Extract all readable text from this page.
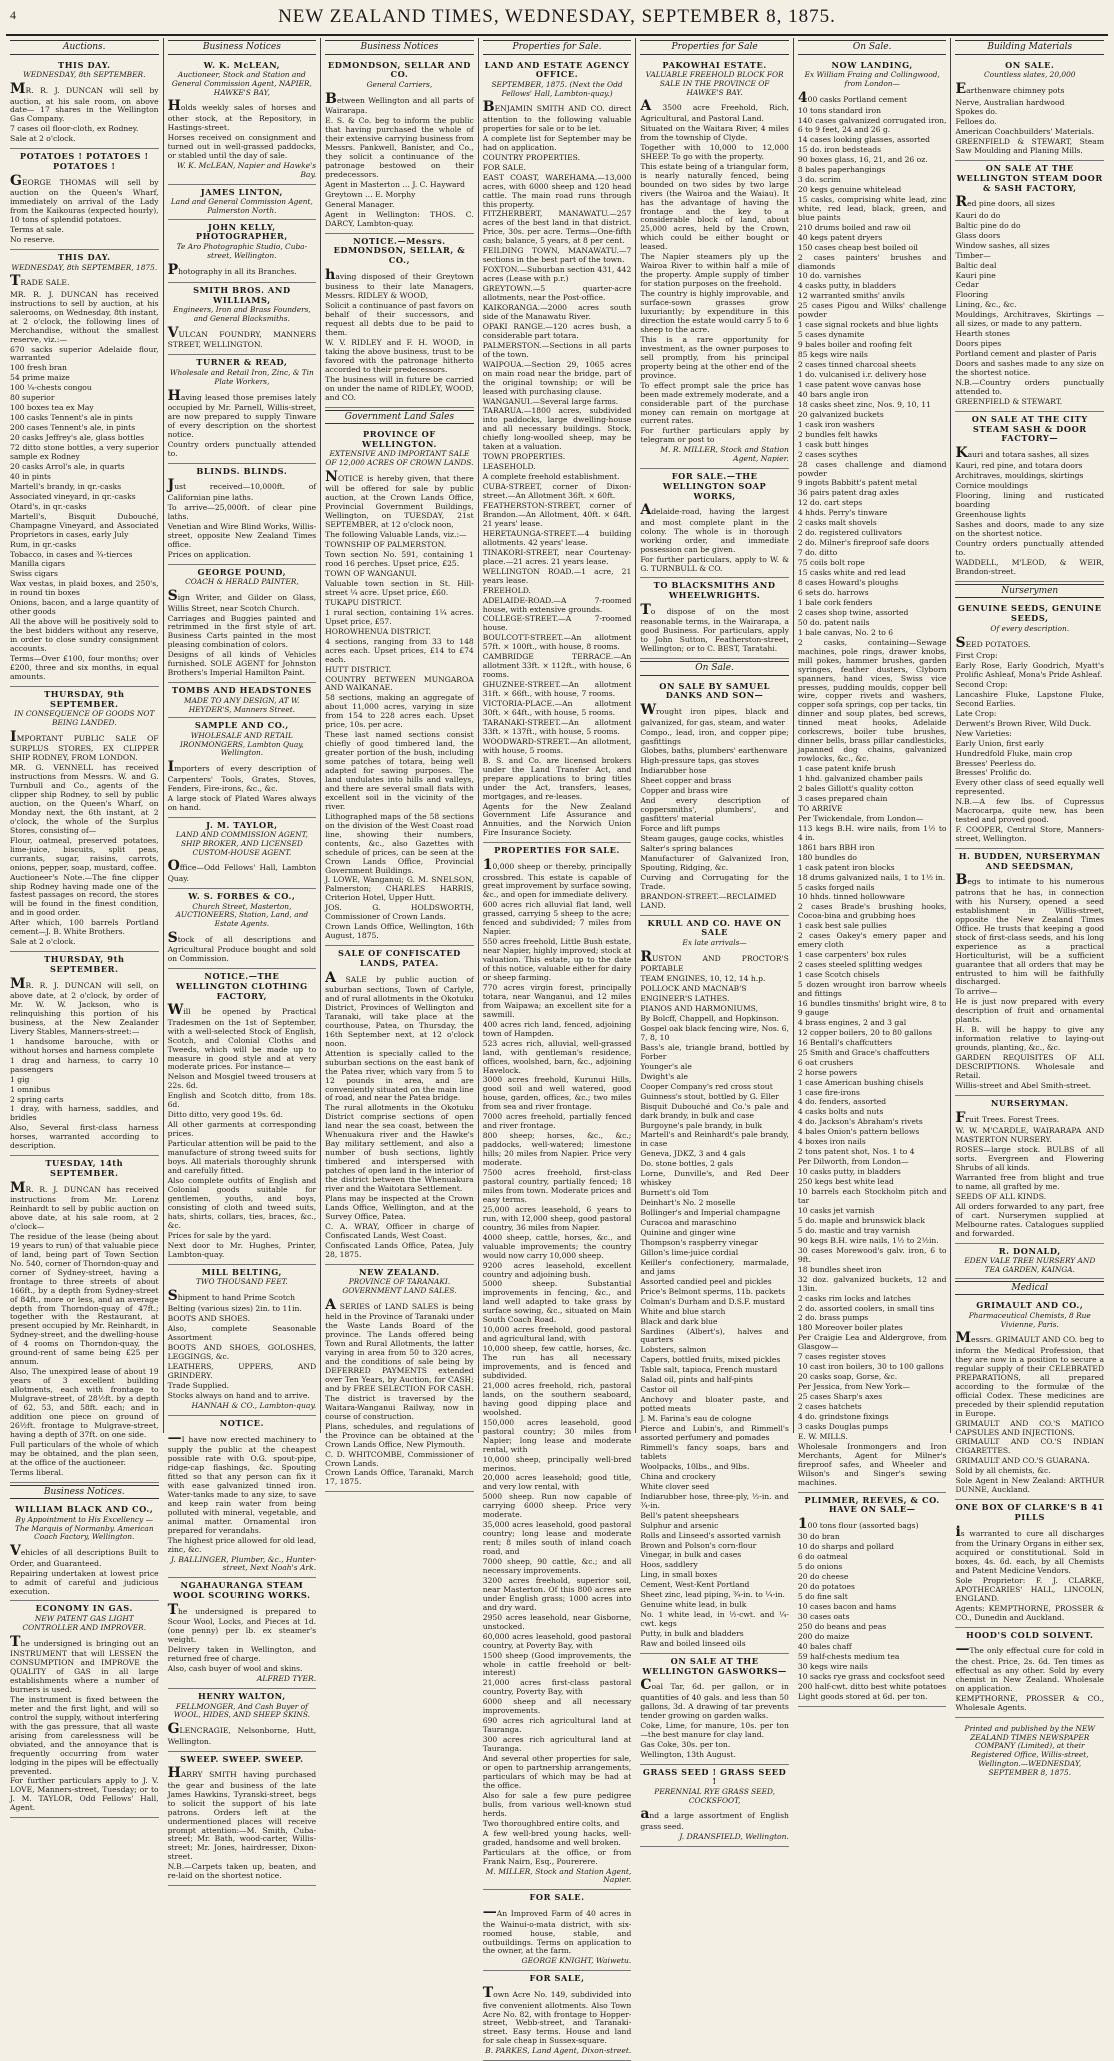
4	NEW ZEALAND TIMES, WEDNESDAY, SEPTEMBER 8, 1875.
Auctions.
THIS DAY.
WEDNESDAY, 8th SEPTEMBER.

MR. R. J. DUNCAN will sell by auction, at his sale room, on above date— 17 shares in the Wellington Gas Company.

7 cases oil floor-cloth, ex Rodney.

Sale at 2 o'clock.

POTATOES ! POTATOES ! POTATOES !

GEORGE THOMAS will sell by auction on the Queen's Wharf, immediately on arrival of the Lady from the Kaikouras (expected hourly), 10 tons of splendid potatoes.

Terms at sale.

No reserve.

THIS DAY.
WEDNESDAY, 8th SEPTEMBER, 1875.

TRADE SALE.

MR. R. J. DUNCAN has received instructions to sell by auction, at his salerooms, on Wednesday, 8th instant, at 2 o'clock, the following lines of Merchandise, without the smallest reserve, viz.:—

670 sacks superior Adelaide flour, warranted

100 fresh bran

54 prime maize

100 ¼-chests congou

80 superior

100 boxes tea ex May

100 casks Tennent's ale in pints

200 cases Tennent's ale, in pints

20 casks Jeffrey's ale, glass bottles

72 ditto stone bottles, a very superior sample ex Rodney

20 casks Arrol's ale, in quarts

40 in pints

Martell's brandy, in qr.-casks

Associated vineyard, in qr.-casks

Otard's, in qr.-casks

Martell's, Bisquit Dubouché, Champagne Vineyard, and Associated Proprietors in cases, early July

Rum, in qr.-casks

Tobacco, in cases and ¾-tierces

Manilla cigars

Swiss cigars

Wax vestas, in plaid boxes, and 250's, in round tin boxes

Onions, bacon, and a large quantity of other goods

All the above will be positively sold to the best bidders without any reserve, in order to close sundry consignment accounts.

Terms—Over £100, four months; over £200, three and six months, in equal amounts.

THURSDAY, 9th SEPTEMBER.
IN CONSEQUENCE OF GOODS NOT BEING LANDED.

IMPORTANT PUBLIC SALE OF SURPLUS STORES, EX CLIPPER SHIP RODNEY, FROM LONDON.

MR. G. VENNELL has received instructions from Messrs. W. and G. Turnbull and Co., agents of the clipper ship Rodney, to sell by public auction, on the Queen's Wharf, on Monday next, the 6th instant, at 2 o'clock, the whole of the Surplus Stores, consisting of—

Flour, oatmeal, preserved potatoes, lime-juice, biscuits, split peas, currants, sugar, raisins, carrots, onions, pepper, soap, mustard, coffee.

Auctioneer's Note.—The fine clipper ship Rodney having made one of the fastest passages on record, the stores will be found in the finest condition, and in good order.

After which, 100 barrels Portland cement—J. B. White Brothers.

Sale at 2 o'clock.

THURSDAY, 9th SEPTEMBER.

MR. R. J. DUNCAN will sell, on above date, at 2 o'clock, by order of Mr. W. W. Jackson, who is relinquishing this portion of his business, at the New Zealander Livery Stables, Manners-street:—

1 handsome barouche, with or without horses and harness complete

1 drag and harness, to carry 10 passengers

1 gig

1 omnibus

2 spring carts

1 dray, with harness, saddles, and bridles

Also, Several first-class harness horses, warranted according to description.

TUESDAY, 14th SEPTEMBER.

MR. R. J. DUNCAN has received instructions from Mr. Lorenz Reinhardt to sell by public auction on above date, at his sale room, at 2 o'clock—

The residue of the lease (being about 19 years to run) of that valuable piece of land, being part of Town Section No. 540, corner of Thorndon-quay and corner of Sydney-street, having a frontage to three streets of about 166ft., by a depth from Sydney-street of 84ft., more or less, and an average depth from Thorndon-quay of 47ft.; together with the Restaurant, at present occupied by Mr. Reinhardt, in Sydney-street, and the dwelling-house of 4 rooms on Thorndon-quay, the ground-rent of same being £25 per annum.

Also, The unexpired lease of about 19 years of 3 excellent building allotments, each with frontage to Mulgrave-street, of 28½ft. by a depth of 62, 53, and 58ft. each; and in addition one piece on ground of 26½ft. frontage to Mulgrave-street, having a depth of 37ft. on one side.

Full particulars of the whole of which may be obtained, and the plan seen, at the office of the auctioneer.

Terms liberal.

Business Notices.
WILLIAM BLACK AND CO.,
By Appointment to His Excellency — The Marquis of Normanby. American Coach Factory, Wellington.

Vehicles of all descriptions Built to Order, and Guaranteed.

Repairing undertaken at lowest price to admit of careful and judicious execution.

ECONOMY IN GAS.
NEW PATENT GAS LIGHT CONTROLLER AND IMPROVER.

The undersigned is bringing out an INSTRUMENT that will LESSEN the CONSUMPTION and IMPROVE the QUALITY of GAS in all large establishments where a number of burners is used.

The instrument is fixed between the meter and the first light, and will so control the supply, without interfering with the gas pressure, that all waste arising from carelessness will be obviated, and the annoyance that is frequently occurring from water lodging in the pipes will be effectually prevented.

For further particulars apply to J. V. LOVE, Manners-street, Tuesday; or to J. M. TAYLOR, Odd Fellows' Hall, Agent.

Business Notices
W. K. McLEAN,
Auctioneer, Stock and Station and General Commission Agent, NAPIER, HAWKE'S BAY,

Holds weekly sales of horses and other stock, at the Repository, in Hastings-street.

Horses received on consignment and turned out in well-grassed paddocks, or stabled until the day of sale.

W. K. McLEAN, Napier and Hawke's Bay.

JAMES LINTON,
Land and General Commission Agent, Palmerston North.
JOHN KELLY, PHOTOGRAPHER,
Te Aro Photographic Studio, Cuba-street, Wellington.

Photography in all its Branches.

SMITH BROS. AND WILLIAMS,
Engineers, Iron and Brass Founders, and General Blacksmiths.

VULCAN FOUNDRY, MANNERS STREET, WELLINGTON.

TURNER & READ,
Wholesale and Retail Iron, Zinc, & Tin Plate Workers,

Having leased those premises lately occupied by Mr. Parnell, Willis-street, are now prepared to supply Tinware of every description on the shortest notice.

Country orders punctually attended to.

BLINDS. BLINDS.

Just received—10,000ft. of Californian pine laths.

To arrive—25,000ft. of clear pine laths.

Venetian and Wire Blind Works, Willis-street, opposite New Zealand Times office.

Prices on application.

GEORGE POUND,
COACH & HERALD PAINTER,

Sign Writer, and Gilder on Glass, Willis Street, near Scotch Church.

Carriages and Buggies painted and retrimmed in the first style of art. Business Carts painted in the most pleasing combination of colors.

Designs of all kinds of Vehicles furnished. SOLE AGENT for Johnston Brothers's Imperial Hamilton Paint.

TOMBS AND HEADSTONES
MADE TO ANY DESIGN, AT W. HEYDER'S, Manners Street.
SAMPLE AND CO.,
WHOLESALE AND RETAIL IRONMONGERS, Lambton Quay, Wellington.

Importers of every description of Carpenters' Tools, Grates, Stoves, Fenders, Fire-irons, &c., &c.

A large stock of Plated Wares always on hand.

J. M. TAYLOR,
LAND AND COMMISSION AGENT, SHIP BROKER, AND LICENSED CUSTOM-HOUSE AGENT.

Office—Odd Fellows' Hall, Lambton Quay.

W. S. FORBES & CO.,
Church Street, Masterton, AUCTIONEERS, Station, Land, and Estate Agents.

Stock of all descriptions and Agricultural Produce bought and sold on Commission.

NOTICE.—THE WELLINGTON CLOTHING FACTORY,

Will be opened by Practical Tradesmen on the 1st of September, with a well-selected Stock of English, Scotch, and Colonial Cloths and Tweeds, which will be made up to measure in good style and at very moderate prices. For instance—

Nelson and Mosgiel tweed trousers at 22s. 6d.

English and Scotch ditto, from 18s. 6d.

Ditto ditto, very good 19s. 6d.

All other garments at corresponding prices.

Particular attention will be paid to the manufacture of strong tweed suits for boys. All materials thoroughly shrunk and carefully fitted.

Also complete outfits of English and Colonial goods suitable for gentlemen, youths, and boys, consisting of cloth and tweed suits, hats, shirts, collars, ties, braces, &c., &c.

Prices for sale by the yard.

Next door to Mr. Hughes, Printer, Lambton-quay.

MILL BELTING,
TWO THOUSAND FEET.

Shipment to hand Prime Scotch

Belting (various sizes) 2in. to 11in.

BOOTS AND SHOES.

Also, complete Seasonable Assortment

BOOTS AND SHOES, GOLOSHES, LEGGINGS, &c.

LEATHERS, UPPERS, AND GRINDERY.

Trade Supplied.

Stocks always on hand and to arrive.

HANNAH & CO., Lambton-quay.

NOTICE.

—I have now erected machinery to supply the public at the cheapest possible rate with O.G. spout-pipe, ridge-cap flashings, &c. Spouting fitted so that any person can fix it with ease galvanized tinned iron. Water-tanks made to any size, to save and keep rain water from being polluted with mineral, vegetable, and animal matter. Ornamental iron prepared for verandahs.

The highest price allowed for old lead, zinc, &c.

J. BALLINGER, Plumber, &c., Hunter-street, Next Noah's Ark.

NGAHAURANGA STEAM WOOL SCOURING WORKS.

The undersigned is prepared to Scour Wool, Locks, and Pieces at 1d. (one penny) per lb. ex steamer's weight.

Delivery taken in Wellington, and returned free of charge.

Also, cash buyer of wool and skins.

ALFRED TYER.

HENRY WALTON,
FELLMONGER, And Cash Buyer of WOOL, HIDES, AND SHEEP SKINS.

GLENCRAGIE, Nelsonborne, Hutt, Wellington.

SWEEP. SWEEP. SWEEP.

HARRY SMITH having purchased the gear and business of the late James Hawkins, Tyranski-street, begs to solicit the support of his late patrons. Orders left at the undermentioned places will receive prompt attention:—M. Smith, Cuba-street; Mr. Bath, wood-carter, Willis-street; Mr. Jones, hairdresser, Dixon-street.

N.B.—Carpets taken up, beaten, and re-laid on the shortest notice.

Business Notices
EDMONDSON, SELLAR AND CO.
General Carriers,

Between Wellington and all parts of Wairarapa.

E. S. & Co. beg to inform the public that having purchased the whole of their extensive carrying business from Messrs. Pankwell, Banister, and Co., they solicit a continuance of the patronage bestowed on their predecessors.

Agent in Masterton … J. C. Hayward

Greytown … E. Morphy

General Manager.

Agent in Wellington: THOS. C. DARCY, Lambton-quay.

NOTICE.—Messrs. EDMONDSON, SELLAR, & CO.,

having disposed of their Greytown business to their late Managers, Messrs. RIDLEY & WOOD,

Solicit a continuance of past favors on behalf of their successors, and request all debts due to be paid to them.

W. V. RIDLEY and F. H. WOOD, in taking the above business, trust to be favored with the patronage hitherto accorded to their predecessors.

The business will in future be carried on under the name of RIDLEY, WOOD, and CO.

Government Land Sales
PROVINCE OF WELLINGTON.
EXTENSIVE AND IMPORTANT SALE OF 12,000 ACRES OF CROWN LANDS.

NOTICE is hereby given, that there will be offered for sale by public auction, at the Crown Lands Office, Provincial Government Buildings, Wellington, on TUESDAY, 21st SEPTEMBER, at 12 o'clock noon,

The following Valuable Lands, viz.:—

TOWNSHIP OF PALMERSTON.

Town section No. 591, containing 1 rood 16 perches. Upset price, £25.

TOWN OF WANGANUI.

Valuable town section in St. Hill-street ¼ acre. Upset price, £60.

TUKAPU DISTRICT.

1 rural section, containing 1¼ acres. Upset price, £57.

HOROWHENUA DISTRICT.

4 sections, ranging from 33 to 148 acres each. Upset prices, £14 to £74 each.

HUTT DISTRICT.

COUNTRY BETWEEN MUNGAROA AND WAIKANAE.

58 sections, making an aggregate of about 11,000 acres, varying in size from 154 to 228 acres each. Upset price, 10s. per acre.

These last named sections consist chiefly of good timbered land, the greater portion of the bush, including some patches of totara, being well adapted for sawing purposes. The land undulates into hills and valleys, and there are several small flats with excellent soil in the vicinity of the river.

Lithographed maps of the 58 sections on the division of the West Coast road line, showing their numbers, contents, &c., also Gazettes with schedule of prices, can be seen at the Crown Lands Office, Provincial Government Buildings.

J. LOWE, Wanganui; G. M. SNELSON, Palmerston; CHARLES HARRIS, Criterion Hotel, Upper Hutt.

JOS. G. HOLDSWORTH, Commissioner of Crown Lands.

Crown Lands Office, Wellington, 16th August, 1875.

SALE OF CONFISCATED LANDS, PATEA.

A SALE by public auction of suburban sections, Town of Carlyle, and of rural allotments in the Okotuku District, Provinces of Wellington and Taranaki, will take place at the courthouse, Patea, on Thursday, the 16th September next, at 12 o'clock noon.

Attention is specially called to the suburban sections on the east bank of the Patea river, which vary from 5 to 12 pounds in area, and are conveniently situated on the main line of road, and near the Patea bridge.

The rural allotments in the Okotuku District comprise sections of open land near the sea coast, between the Whenuakura river and the Hawke's Bay military settlement, and also a number of bush sections, lightly timbered and interspersed with patches of open land in the interior of the district between the Whenuakura river and the Waitotara Settlement.

Plans may be inspected at the Crown Lands Office, Wellington, and at the Survey Office, Patea.

C. A. WRAY, Officer in charge of Confiscated Lands, West Coast.

Confiscated Lands Office, Patea, July 28, 1875.

NEW ZEALAND.
PROVINCE OF TARANAKI. GOVERNMENT LAND SALES.

A SERIES of LAND SALES is being held in the Province of Taranaki under the Waste Lands Board of the province. The Lands offered being Town and Rural Allotments, the latter varying in area from 50 to 320 acres, and the conditions of sale being by DEFERRED PAYMENTS extended over Ten Years, by Auction, for CASH; and by FREE SELECTION FOR CASH.

The district is traversed by the Waitara-Wanganui Railway, now in course of construction.

Plans, schedules, and regulations of the Province can be obtained at the Crown Lands Office, New Plymouth.

C. D. WHITCOMBE, Commissioner of Crown Lands.

Crown Lands Office, Taranaki, March 17, 1875.

Properties for Sale.
LAND AND ESTATE AGENCY OFFICE.
SEPTEMBER, 1875. (Next the Odd Fellows' Hall, Lambton-quay.)

BENJAMIN SMITH AND CO. direct attention to the following valuable properties for sale or to be let.

A complete list for September may be had on application.

COUNTRY PROPERTIES.

FOR SALE.

EAST COAST, WAREHAMA.—13,000 acres, with 6000 sheep and 120 head cattle. The main road runs through this property.

FITZHERBERT, MANAWATU.—257 acres of the best land in that district. Price, 30s. per acre. Terms—One-fifth cash; balance, 5 years, at 8 per cent.

FEILDING TOWN, MANAWATU.—7 sections in the best part of the town.

FOXTON.—Suburban section 431, 442 acres (Lease with p.r.)

GREYTOWN.—5 quarter-acre allotments, near the Post-office.

KAIKORANGA.—2000 acres south side of the Manawatu River.

OPAKI RANGE.—120 acres bush, a considerable part totara.

PALMERSTON.—Sections in all parts of the town.

WAIPOUA.—Section 29, 1065 acres on main road near the bridge, part of the original township; or will be leased with purchasing clause.

WANGANUI.—Several large farms.

TARARUA.—1800 acres, subdivided into paddocks, large dwelling-house and all necessary buildings. Stock, chiefly long-woolled sheep, may be taken at a valuation.

TOWN PROPERTIES.

LEASEHOLD.

A complete freehold establishment.

CUBA-STREET, corner of Dixon-street.—An Allotment 36ft. × 60ft.

FEATHERSTON-STREET, corner of Brandon.—An Allotment, 40ft. × 64ft. 21 years' lease.

HERETAUNGA-STREET.—4 building allotments. 42 years' lease.

TINAKORI-STREET, near Courtenay-place.—21 acres. 21 years lease.

WELLINGTON ROAD.—1 acre, 21 years lease.

FREEHOLD.

ADELAIDE-ROAD.—A 7-roomed house, with extensive grounds.

COLLEGE-STREET.—A 7-roomed house.

BOULCOTT-STREET.—An allotment 57ft. × 100ft., with house, 8 rooms.

CAMBRIDGE TERRACE.—An allotment 33ft. × 112ft., with house, 6 rooms.

GHUZNEE-STREET.—An allotment 31ft. × 66ft., with house, 7 rooms.

VICTORIA-PLACE.—An allotment 30ft. × 64ft., with house, 5 rooms.

TARANAKI-STREET.—An allotment 33ft. × 137ft., with house, 5 rooms.

WOODWARD-STREET.—An allotment, with house, 5 rooms.

B. S. and Co. are licensed brokers under the Land Transfer Act, and prepare applications to bring titles under the Act, transfers, leases, mortgages, and re-leases.

Agents for the New Zealand Government Life Assurance and Annuities, and the Norwich Union Fire Insurance Society.

PROPERTIES FOR SALE.

10,000 sheep or thereby, principally crossbred. This estate is capable of great improvement by surface sowing, &c., and open for immediate delivery.

600 acres rich alluvial flat land, well grassed, carrying 5 sheep to the acre; fenced and subdivided; 7 miles from Napier.

550 acres freehold, Little Bush estate, near Napier, highly improved; stock at valuation. This estate, up to the date of this notice, valuable either for dairy or sheep farming.

770 acres virgin forest, principally totara, near Wanganui, and 12 miles from Waipawa; an excellent site for a sawmill.

400 acres rich land, fenced, adjoining town of Hampden.

523 acres rich, alluvial, well-grassed land, with gentleman's residence, offices, woolshed, barn, &c., adjoining Havelock.

3000 acres freehold, Kurunui Hills, good soil and well watered, good house, garden, offices, &c.; two miles from sea and river frontage.

7000 acres freehold, partially fenced and river frontage.

800 sheep; horses, &c., &c.; paddocks, well-watered; limestone hills; 20 miles from Napier. Price very moderate.

7500 acres freehold, first-class pastoral country, partially fenced; 18 miles from town. Moderate prices and easy terms.

25,000 acres leasehold, 6 years to run, with 12,000 sheep, good pastoral country, 36 miles from Napier.

4000 sheep, cattle, horses, &c., and valuable improvements; the country would now carry 10,000 sheep.

9200 acres leasehold, excellent country and adjoining bush.

5000 sheep. Substantial improvements in fencing, &c., and land well adapted to take grass by surface sowing, &c., situated on Main South Coach Road.

10,000 acres freehold, good pastoral and agricultural land, with

10,000 sheep, few cattle, horses, &c. The run has all necessary improvements, and is fenced and subdivided.

21,000 acres freehold, rich, pastoral lands, on the southern seaboard, having good dipping place and woolshed.

150,000 acres leasehold, good pastoral country; 30 miles from Napier; long lease and moderate rental, with

10,000 sheep, principally well-bred merinos.

20,000 acres leasehold; good title, and very low rental, with

5000 sheep. Run now capable of carrying 6000 sheep. Price very moderate.

35,000 acres leasehold, good pastoral country; long lease and moderate rent; 8 miles south of inland coach road, and

7000 sheep, 90 cattle, &c.; and all necessary improvements.

3200 acres freehold, superior soil, near Masterton. Of this 800 acres are under English grass; 1000 acres into and dry ward.

2950 acres leasehold, near Gisborne, unstocked.

60,000 acres leasehold, good pastoral country, at Poverty Bay, with

1500 sheep (Good improvements, the whole in cattle freehold or belt-interest)

21,000 acres first-class pastoral country, Poverty Bay, with

6000 sheep and all necessary improvements.

690 acres rich agricultural land at Tauranga.

300 acres rich agricultural land at Tauranga.

And several other properties for sale, or open to partnership arrangements, particulars of which may be had at the office.

Also for sale a few pure pedigree bulls, from various well-known stud herds.

Two thoroughbred entire colts, and

A few well-bred young hacks, well-graded, handsome and well broken.

Particulars at the office, or from Frank Nairn, Esq., Pourerere.

M. MILLER, Stock and Station Agent, Napier.

FOR SALE.

—An Improved Farm of 40 acres in the Wainui-o-mata district, with six-roomed house, stable, and outbuildings. Terms on application to the owner, at the farm.

GEORGE KNIGHT, Waiwetu.

FOR SALE,

Town Acre No. 149, subdivided into five convenient allotments. Also Town Acre No. 82, with frontage to Hopper-street, Webb-street, and Taranaki-street. Easy terms. House and land for sale cheap in Sussex-square.

B. PARKES, Land Agent, Dixon-street.

Properties for Sale
PAKOWHAI ESTATE.
VALUABLE FREEHOLD BLOCK FOR SALE IN THE PROVINCE OF HAWKE'S BAY.

A 3500 acre Freehold, Rich, Agricultural, and Pastoral Land.

Situated on the Waitara River, 4 miles from the township of Clyde.

Together with 10,000 to 12,000 SHEEP. To go with the property.

This estate being of a triangular form, is nearly naturally fenced, being bounded on two sides by two large rivers (the Wairoa and the Waiau). It has the advantage of having the frontage and the key to a considerable block of land, about 25,000 acres, held by the Crown, which could be either bought or leased.

The Napier steamers ply up the Wairoa River to within half a mile of the property. Ample supply of timber for station purposes on the freehold.

The country is highly improvable, and surface-sown grasses grow luxuriantly; by expenditure in this direction the estate would carry 5 to 6 sheep to the acre.

This is a rare opportunity for investment, as the owner purposes to sell promptly, from his principal property being at the other end of the province.

To effect prompt sale the price has been made extremely moderate, and a considerable part of the purchase money can remain on mortgage at current rates.

For further particulars apply by telegram or post to

M. R. MILLER, Stock and Station Agent, Napier.

FOR SALE.—THE WELLINGTON SOAP WORKS,

Adelaide-road, having the largest and most complete plant in the colony. The whole is in thorough working order, and immediate possession can be given.

For further particulars, apply to W. & G. TURNBULL & CO.

TO BLACKSMITHS AND WHEELWRIGHTS.

To dispose of on the most reasonable terms, in the Wairarapa, a good Business. For particulars, apply to John Sutton, Featherston-street, Wellington; or to C. BEST, Taratahi.

On Sale.
ON SALE BY SAMUEL DANKS AND SON—

Wrought iron pipes, black and galvanized, for gas, steam, and water

Compo., lead, iron, and copper pipe; gasfittings

Globes, baths, plumbers' earthenware

High-pressure taps, gas stoves

Indiarubber hose

Sheet copper and brass

Copper and brass wire

And every description of coppersmiths', plumbers', and gasfitters' material

Force and lift pumps

Steam gauges, gauge cocks, whistles

Salter's spring balances

Manufacturer of Galvanized Iron, Spouting, Ridging, &c.

Curving and Corrugating for the Trade.

BRANDON-STREET.—RECLAIMED LAND.

KRULL AND CO. HAVE ON SALE
Ex late arrivals—

RUSTON AND PROCTOR'S PORTABLE

TEAM ENGINES, 10, 12, 14 h.p.

POLLOCK AND MACNAB'S

ENGINEER'S LATHES.

PIANOS AND HARMONIUMS,

By Bolcff, Chappell, and Hopkinson.

Gospel oak black fencing wire, Nos. 6, 7, 8, 10

Bass's ale, triangle brand, bottled by Forber

Younger's ale

Dwight's ale

Cooper Company's red cross stout

Guinness's stout, bottled by G. Eller

Bisquit Dubouché and Co.'s pale and dark brandy, in bulk and case

Burgoyne's pale brandy, in bulk

Martell's and Reinhardt's pale brandy, in case

Geneva, JDKZ, 3 and 4 gals

Do. stone bottles, 2 gals

Lorne, Dunville's, and Red Deer whiskey

Burnett's old Tom

Deinhart's No. 2 moselle

Bollinger's and Imperial champagne

Curacoa and maraschino

Quinine and ginger wine

Thompson's raspberry vinegar

Gillon's lime-juice cordial

Keiller's confectionery, marmalade, and jams

Assorted candied peel and pickles

Price's Belmont sperms, 11b. packets

Colman's Durham and D.S.F. mustard

White and blue starch

Black and dark blue

Sardines (Albert's), halves and quarters

Lobsters, salmon

Capers, bottled fruits, mixed pickles

Table salt, tapioca, French mustard

Salad oil, pints and half-pints

Castor oil

Anchovy and bloater paste, and potted meats

J. M. Farina's eau de cologne

Pierce and Lubin's, and Rimmell's assorted perfumery and pomades

Rimmell's fancy soaps, bars and tablets

Woolpacks, 10lbs., and 9lbs.

China and crockery

White clover seed

Indiarubber hose, three-ply, ½-in. and ¾-in.

Bell's patent sheepshears

Sulphur and arsenic

Rolls and Linseed's assorted varnish

Brown and Polson's corn-flour

Vinegar, in bulk and cases

Hoos, saddlery

Ling, in small boxes

Cement, West-Kent Portland

Sheet zinc, lead piping, ¾-in. to ¼-in.

Genuine white lead, in bulk

No. 1 white lead, in ½-cwt. and ¼-cwt. kegs

Putty, in bulk and bladders

Raw and boiled linseed oils

ON SALE AT THE WELLINGTON GASWORKS—

Coal Tar, 6d. per gallon, or in quantities of 40 gals. and less than 50 gallons, 3d. A drawing of tar prevents tender growing on garden walks.

Coke, Lime, for manure, 10s. per ton—the best manure for clay land.

Gas Coke, 30s. per ton.

Wellington, 13th August.

GRASS SEED ! GRASS SEED !
PERENNIAL RYE GRASS SEED, COCKSFOOT,

and a large assortment of English grass seed.

J. DRANSFIELD, Wellington.

On Sale.
NOW LANDING,
Ex William Fraing and Collingwood, from London—

400 casks Portland cement

10 tons standard iron

140 cases galvanized corrugated iron, 6 to 9 feet, 24 and 26 g.

14 cases looking glasses, assorted

15 do. iron bedsteads

90 boxes glass, 16, 21, and 26 oz.

8 bales paperhangings

3 do. scrim

20 kegs genuine whitelead

15 casks, comprising white lead, zinc white, red lead, black, green, and blue paints

210 drums boiled and raw oil

40 kegs patent dryers

150 cases cheap best boiled oil

2 cases painters' brushes and diamonds

10 do. varnishes

4 casks putty, in bladders

12 warranted smiths' anvils

25 cases Pigou and Wilks' challenge powder

1 case signal rockets and blue lights

5 cases dynamite

9 bales boiler and roofing felt

85 kegs wire nails

2 cases tinned charcoal sheets

1 do. vulcanised i.r. delivery hose

1 case patent wove canvas hose

40 bars angle iron

18 casks sheet zinc, Nos. 9, 10, 11

20 galvanized buckets

1 cask iron washers

2 bundles felt hawks

1 cask butt hinges

2 cases scythes

28 cases challenge and diamond powder

9 ingots Babbitt's patent metal

36 pairs patent drag axles

12 do. cart steps

4 hhds. Perry's tinware

2 casks malt shovels

2 do. registered cullivators

2 do. Milner's fireproof safe doors

7 do. ditto

75 coils bolt rope

15 casks white and red lead

8 cases Howard's ploughs

6 sets do. harrows

1 bale cork fenders

2 cases shop twine, assorted

50 do. patent nails

1 bale canvas, No. 2 to 6

2 casks, containing—Sewage machines, pole rings, drawer knobs, mill pokes, hammer brushes, garden syringes, feather dusters, Clyborn spanners, hand vices, Swiss vice presses, pudding moulds, copper bell wire, copper rivets and washers, copper sofa springs, cop per tacks, tin dinner and soup plates, bed screws, tinned meat hooks, Adelaide corkscrews, boiler tube brushes, dinner bells, brass pillar candlesticks, japanned dog chains, galvanized rowlocks, &c., &c.

1 case patent knife brush

1 hhd. galvanized chamber pails

2 bales Gillott's quality cotton

3 cases prepared chain

TO ARRIVE

Per Twickendale, from London—

113 kegs B.H. wire nails, from 1½ to 4 in.

1861 bars BBH iron

180 bundles do

1 cask patent iron blocks

18 drums galvanized nails, 1 to 1½ in.

5 casks forged nails

10 hhds. tinned hollowware

2 cases Brade's brushing hooks, Cocoa-bina and grubbing hoes

1 cask best sale pullies

2 cases Oakey's emery paper and emery cloth

1 case carpenters' box rules

2 cases steeled splitting wedges

1 case Scotch chisels

5 dozen wrought iron barrow wheels and fittings

16 bundles tinsmiths' bright wire, 8 to 9 gauge

4 brass engines, 2 and 3 gal

12 copper boilers, 20 to 80 gallons

16 Bentall's chaffcutters

25 Smith and Grace's chaffcutters

6 oat crushers

2 horse powers

1 case American bushing chisels

1 case fire-irons

4 do. fenders, assorted

4 casks bolts and nuts

4 do. Jackson's Abraham's rivets

4 bales Onion's pattern bellows

4 boxes iron nails

2 tons patent shot, Nos. 1 to 4

Per Dilworth, from London—

10 casks putty, in bladders

250 kegs best white lead

10 barrels each Stockholm pitch and tar

10 casks jet varnish

5 do. maple and brunswick black

5 do. mastic and tray varnish

90 kegs B.H. wire nails, 1½ to 2½in.

30 cases Morewood's galv. iron, 6 to 9ft.

18 bundles sheet iron

32 doz. galvanized buckets, 12 and 13in.

2 casks rim locks and latches

2 do. assorted coolers, in small tins

2 do. brass pumps

180 Moreover boiler plates

Per Craigie Lea and Aldergrove, from Glasgow—

7 cases register stoves

10 cast iron boilers, 30 to 100 gallons

20 casks soap, Gorse, &c.

Per Jessica, from New York—

25 cases Sharp's axes

2 cases hatchets

4 do. grindstone fixings

3 casks Douglas pumps

E. W. MILLS.

Wholesale Ironmongers and Iron Merchants, Agent for Milner's fireproof safes, and Wheeler and Wilson's and Singer's sewing machines.

PLIMMER, REEVES, & CO. HAVE ON SALE—

100 tons flour (assorted bags)

30 do bran

10 do sharps and pollard

6 do oatmeal

5 do onions

20 do cheese

20 do potatoes

5 do fine salt

10 cases bacon and hams

30 cases oats

250 do beans and peas

200 do maize

40 bales chaff

59 half-chests medium tea

30 kegs wire nails

10 sacks rye grass and cocksfoot seed

200 half-cwt. ditto best white potatoes

Light goods stored at 6d. per ton.

Building Materials
ON SALE.
Countless slates, 20,000

Earthenware chimney pots

Nerve, Australian hardwood

Spokes do.

Felloes do.

American Coachbuilders' Materials.

GREENFIELD & STEWART, Steam Saw Moulding and Planing Mills.

ON SALE AT THE WELLINGTON STEAM DOOR & SASH FACTORY,

Red pine doors, all sizes

Kauri do do

Baltic pine do do

Glass doors

Window sashes, all sizes

Timber—

Baltic deal

Kauri pine

Cedar

Flooring

Lining, &c., &c.

Mouldings, Architraves, Skirtings — all sizes, or made to any pattern.

Hearth stones

Doors pipes

Portland cement and plaster of Paris

Doors and sashes made to any size on the shortest notice.

N.B.—Country orders punctually attended to.

GREENFIELD & STEWART.

ON SALE AT THE CITY STEAM SASH & DOOR FACTORY—

Kauri and totara sashes, all sizes

Kauri, red pine, and totara doors

Architraves, mouldings, skirtings

Cornice mouldings

Flooring, lining and rusticated boarding

Greenhouse lights

Sashes and doors, made to any size on the shortest notice.

Country orders punctually attended to.

WADDELL, M'LEOD, & WEIR, Brandon-street.

Nurserymen
GENUINE SEEDS, GENUINE SEEDS,
Of every description.

SEED POTATOES.

First Crop:

Early Rose, Early Goodrich, Myatt's Prolific Ashleaf, Mona's Pride Ashleaf.

Second Crop:

Lancashire Fluke, Lapstone Fluke, Second Earlies.

Late Crop:

Derwent's Brown River, Wild Duck.

New Varieties:

Early Union, first early

Hundredfold Fluke, main crop

Bresses' Peerless do.

Bresses' Prolific do.

Every other class of seed equally well represented.

N.B.—A few lbs. of Cupressus Macrocarpa, quite new, has been tested and proved good.

F. COOPER, Central Store, Manners-street, Wellington.

H. BUDDEN, NURSERYMAN AND SEEDSMAN,

Begs to intimate to his numerous patrons that he has, in connection with his Nursery, opened a seed establishment in Willis-street, opposite the New Zealand Times Office. He trusts that keeping a good stock of first-class seeds, and his long experience as a practical Horticulturist, will be a sufficient guarantee that all orders that may be entrusted to him will be faithfully discharged.

To arrive—

He is just now prepared with every description of fruit and ornamental plants.

H. B. will be happy to give any information relative to laying-out grounds, planting, &c., &c.

GARDEN REQUISITES OF ALL DESCRIPTIONS. Wholesale and Retail.

Willis-street and Abel Smith-street.

NURSERYMAN.

Fruit Trees. Forest Trees.

W. W. M'CARDLE, WAIRARAPA AND MASTERTON NURSERY.

ROSES—large stock. BULBS of all sorts. Evergreen and Flowering Shrubs of all kinds.

Warranted free from blight and true to name, all grafted by me.

SEEDS OF ALL KINDS.

All orders forwarded to any part, free of cart. Nurserymen supplied at Melbourne rates. Catalogues supplied and forwarded.

R. DONALD,
EDEN VALE TREE NURSERY AND TEA GARDEN, KAINGA.
Medical
GRIMAULT AND CO.,
Pharmaceutical Chemists, 8 Rue Vivienne, Paris.

Messrs. GRIMAULT AND CO. beg to inform the Medical Profession, that they are now in a position to secure a regular supply of their CELEBRATED PREPARATIONS, all prepared according to the formulæ of the official Codex. These medicines are preceded by their splendid reputation in Europe.

GRIMAULT AND CO.'S MATICO CAPSULES AND INJECTIONS.

GRIMAULT AND CO.'S INDIAN CIGARETTES.

GRIMAULT AND CO.'S GUARANA.

Sold by all chemists, &c.

Sole Agent in New Zealand: ARTHUR DUNNE, Auckland.

ONE BOX OF CLARKE'S B 41 PILLS

is warranted to cure all discharges from the Urinary Organs in either sex, acquired or constitutional. Sold in boxes, 4s. 6d. each, by all Chemists and Patent Medicine Vendors.

Sole Proprietor: F. J. CLARKE, APOTHECARIES' HALL, LINCOLN, ENGLAND.

Agents: KEMPTHORNE, PROSSER & CO., Dunedin and Auckland.

HOOD'S COLD SOLVENT.

—The only effectual cure for cold in the chest. Price, 2s. 6d. Ten times as effectual as any other. Sold by every chemist in New Zealand. Wholesale on application.

KEMPTHORNE, PROSSER & CO., Wholesale Agents.

Printed and published by the NEW ZEALAND TIMES NEWSPAPER COMPANY (Limited), at their Registered Office, Willis-street, Wellington.—WEDNESDAY, SEPTEMBER 8, 1875.
